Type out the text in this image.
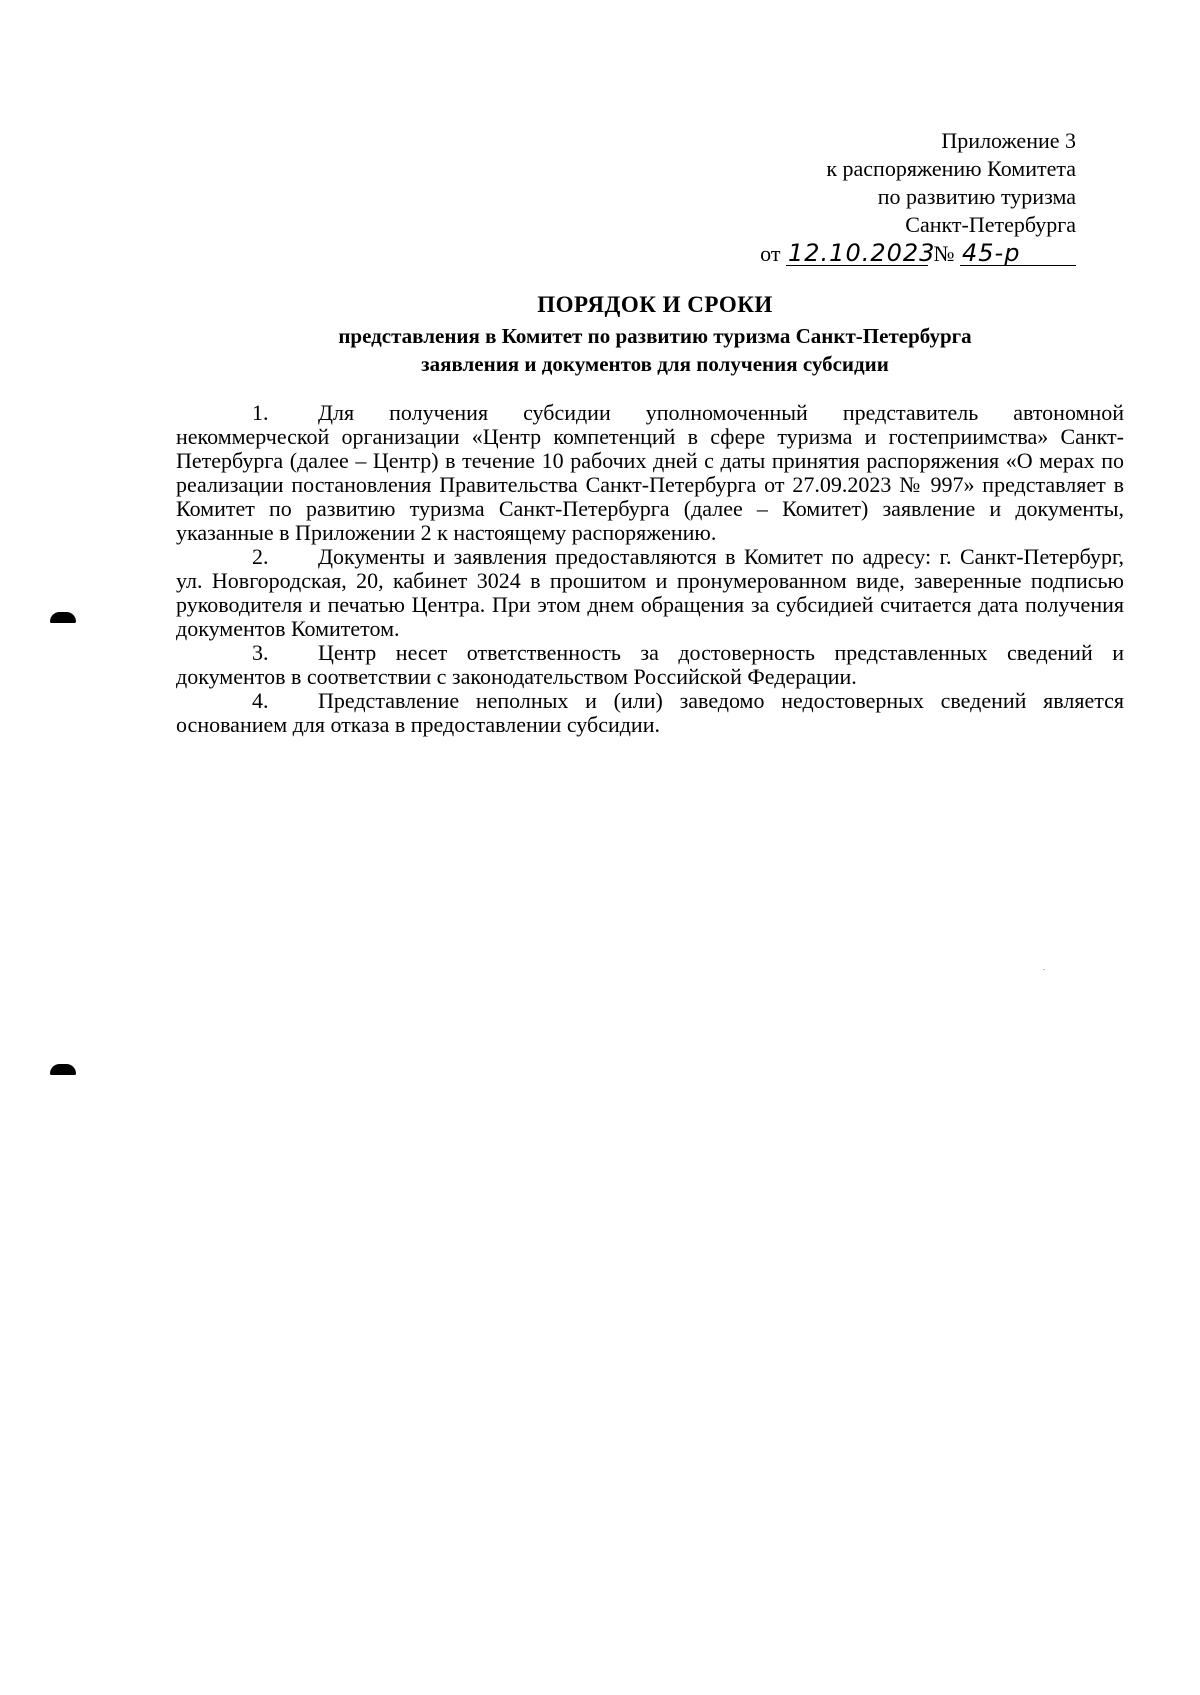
Приложение 3
к распоряжению Комитета
по развитию туризма
Санкт-Петербурга
от 12.10.2023 № 45-р
ПОРЯДОК И СРОКИ
представления в Комитет по развитию туризма Санкт-Петербурга
заявления и документов для получения субсидии

1. Для получения субсидии уполномоченный представитель автономной некоммерческой организации «Центр компетенций в сфере туризма и гостеприимства» Санкт-Петербурга (далее – Центр) в течение 10 рабочих дней с даты принятия распоряжения «О мерах по реализации постановления Правительства Санкт-Петербурга от 27.09.2023 № 997» представляет в Комитет по развитию туризма Санкт-Петербурга (далее – Комитет) заявление и документы, указанные в Приложении 2 к настоящему распоряжению.

2. Документы и заявления предоставляются в Комитет по адресу: г. Санкт-Петербург, ул. Новгородская, 20, кабинет 3024 в прошитом и пронумерованном виде, заверенные подписью руководителя и печатью Центра. При этом днем обращения за субсидией считается дата получения документов Комитетом.

3. Центр несет ответственность за достоверность представленных сведений и документов в соответствии с законодательством Российской Федерации.

4. Представление неполных и (или) заведомо недостоверных сведений является основанием для отказа в предоставлении субсидии.
